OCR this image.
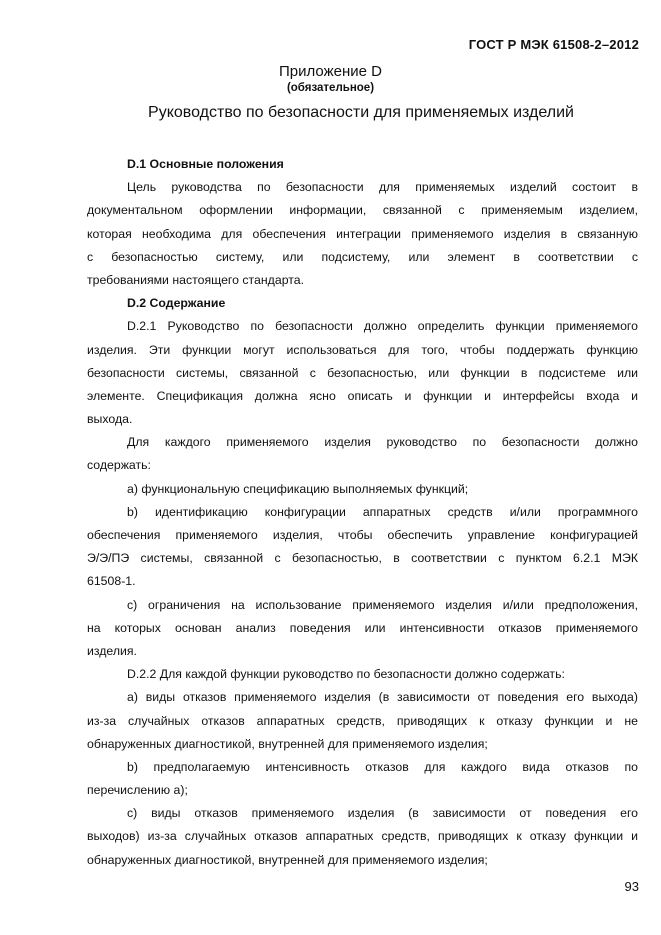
ГОСТ Р МЭК 61508-2–2012
Приложение D
(обязательное)
Руководство по безопасности для применяемых изделий
D.1 Основные положения
Цель руководства по безопасности для применяемых изделий состоит в
документальном оформлении информации, связанной с применяемым изделием,
которая необходима для обеспечения интеграции применяемого изделия в связанную
с безопасностью систему, или подсистему, или элемент в соответствии с
требованиями настоящего стандарта.
D.2 Содержание
D.2.1 Руководство по безопасности должно определить функции применяемого
изделия. Эти функции могут использоваться для того, чтобы поддержать функцию
безопасности системы, связанной с безопасностью, или функции в подсистеме или
элементе. Спецификация должна ясно описать и функции и интерфейсы входа и
выхода.
Для каждого применяемого изделия руководство по безопасности должно
содержать:
a) функциональную спецификацию выполняемых функций;
b) идентификацию конфигурации аппаратных средств и/или программного
обеспечения применяемого изделия, чтобы обеспечить управление конфигурацией
Э/Э/ПЭ системы, связанной с безопасностью, в соответствии с пунктом 6.2.1 МЭК
61508-1.
c) ограничения на использование применяемого изделия и/или предположения,
на которых основан анализ поведения или интенсивности отказов применяемого
изделия.
D.2.2 Для каждой функции руководство по безопасности должно содержать:
a) виды отказов применяемого изделия (в зависимости от поведения его выхода)
из-за случайных отказов аппаратных средств, приводящих к отказу функции и не
обнаруженных диагностикой, внутренней для применяемого изделия;
b) предполагаемую интенсивность отказов для каждого вида отказов по
перечислению a);
c) виды отказов применяемого изделия (в зависимости от поведения его
выходов) из-за случайных отказов аппаратных средств, приводящих к отказу функции и
обнаруженных диагностикой, внутренней для применяемого изделия;
93
